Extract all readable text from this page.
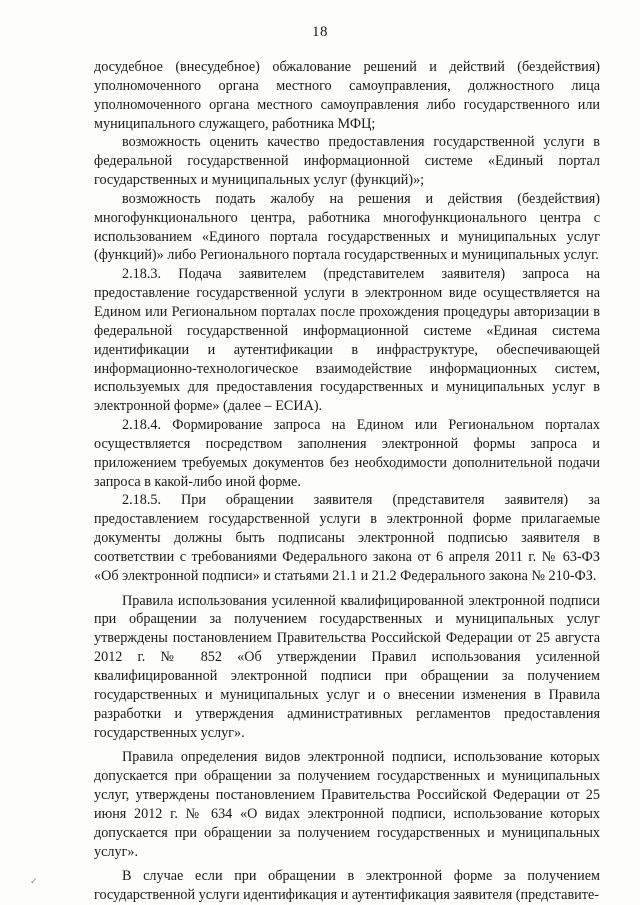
18

досудебное (внесудебное) обжалование решений и действий (бездействия) уполномоченного органа местного самоуправления, должностного лица уполномоченного органа местного самоуправления либо государственного или муниципального служащего, работника МФЦ;

возможность оценить качество предоставления государственной услуги в федеральной государственной информационной системе «Единый портал государственных и муниципальных услуг (функций)»;

возможность подать жалобу на решения и действия (бездействия) многофункционального центра, работника многофункционального центра с использованием «Единого портала государственных и муниципальных услуг (функций)» либо Регионального портала государственных и муниципальных услуг.

2.18.3. Подача заявителем (представителем заявителя) запроса на предоставление государственной услуги в электронном виде осуществляется на Едином или Региональном порталах после прохождения процедуры авторизации в федеральной государственной информационной системе «Единая система идентификации и аутентификации в инфраструктуре, обеспечивающей информационно-технологическое взаимодействие информационных систем, используемых для предоставления государственных и муниципальных услуг в электронной форме» (далее – ЕСИА).

2.18.4. Формирование запроса на Едином или Региональном порталах осуществляется посредством заполнения электронной формы запроса и приложением требуемых документов без необходимости дополнительной подачи запроса в какой-либо иной форме.

2.18.5. При обращении заявителя (представителя заявителя) за предоставлением государственной услуги в электронной форме прилагаемые документы должны быть подписаны электронной подписью заявителя в соответствии с требованиями Федерального закона от 6 апреля 2011 г. № 63-ФЗ «Об электронной подписи» и статьями 21.1 и 21.2 Федерального закона № 210-ФЗ.

Правила использования усиленной квалифицированной электронной подписи при обращении за получением государственных и муниципальных услуг утверждены постановлением Правительства Российской Федерации от 25 августа 2012 г. № 852 «Об утверждении Правил использования усиленной квалифицированной электронной подписи при обращении за получением государственных и муниципальных услуг и о внесении изменения в Правила разработки и утверждения административных регламентов предоставления государственных услуг».

Правила определения видов электронной подписи, использование которых допускается при обращении за получением государственных и муниципальных услуг, утверждены постановлением Правительства Российской Федерации от 25 июня 2012 г. № 634 «О видах электронной подписи, использование которых допускается при обращении за получением государственных и муниципальных услуг».

В случае если при обращении в электронной форме за получением государственной услуги идентификация и аутентификация заявителя (представите-

✓
